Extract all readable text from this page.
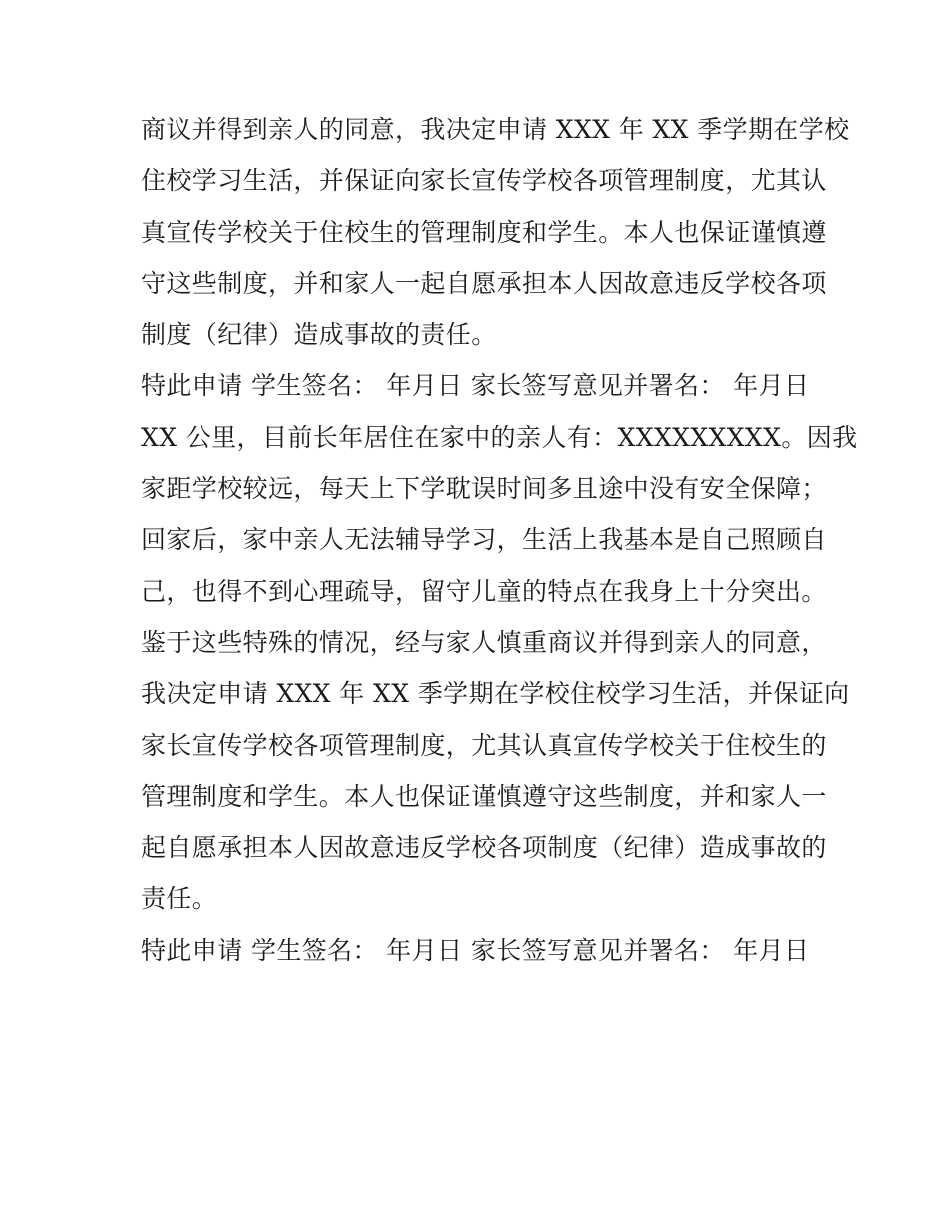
商议并得到亲人的同意，我决定申请 XXX 年 XX 季学期在学校
住校学习生活，并保证向家长宣传学校各项管理制度，尤其认
真宣传学校关于住校生的管理制度和学生。本人也保证谨慎遵
守这些制度，并和家人一起自愿承担本人因故意违反学校各项
制度（纪律）造成事故的责任。
特此申请 学生签名： 年月日 家长签写意见并署名： 年月日
XX 公里，目前长年居住在家中的亲人有：XXXXXXXXX。因我
家距学校较远，每天上下学耽误时间多且途中没有安全保障；
回家后，家中亲人无法辅导学习，生活上我基本是自己照顾自
己，也得不到心理疏导，留守儿童的特点在我身上十分突出。
鉴于这些特殊的情况，经与家人慎重商议并得到亲人的同意，
我决定申请 XXX 年 XX 季学期在学校住校学习生活，并保证向
家长宣传学校各项管理制度，尤其认真宣传学校关于住校生的
管理制度和学生。本人也保证谨慎遵守这些制度，并和家人一
起自愿承担本人因故意违反学校各项制度（纪律）造成事故的
责任。
特此申请 学生签名： 年月日 家长签写意见并署名： 年月日
